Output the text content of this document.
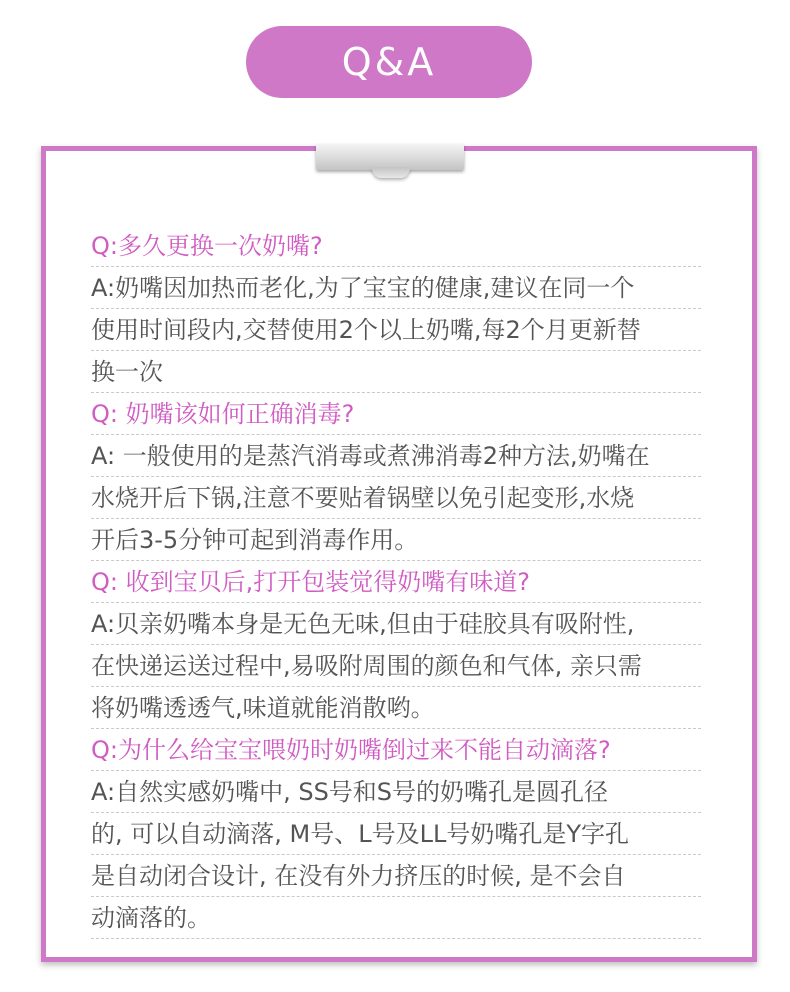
Q&A
Q:多久更换一次奶嘴?
A:奶嘴因加热而老化,为了宝宝的健康,建议在同一个
使用时间段内,交替使用2个以上奶嘴,每2个月更新替
换一次
Q: 奶嘴该如何正确消毒?
A: 一般使用的是蒸汽消毒或煮沸消毒2种方法,奶嘴在
水烧开后下锅,注意不要贴着锅壁以免引起变形,水烧
开后3-5分钟可起到消毒作用。
Q: 收到宝贝后,打开包装觉得奶嘴有味道?
A:贝亲奶嘴本身是无色无味,但由于硅胶具有吸附性,
在快递运送过程中,易吸附周围的颜色和气体, 亲只需
将奶嘴透透气,味道就能消散哟。
Q:为什么给宝宝喂奶时奶嘴倒过来不能自动滴落?
A:自然实感奶嘴中, SS号和S号的奶嘴孔是圆孔径
的, 可以自动滴落, M号、L号及LL号奶嘴孔是Y字孔
是自动闭合设计, 在没有外力挤压的时候, 是不会自
动滴落的。
